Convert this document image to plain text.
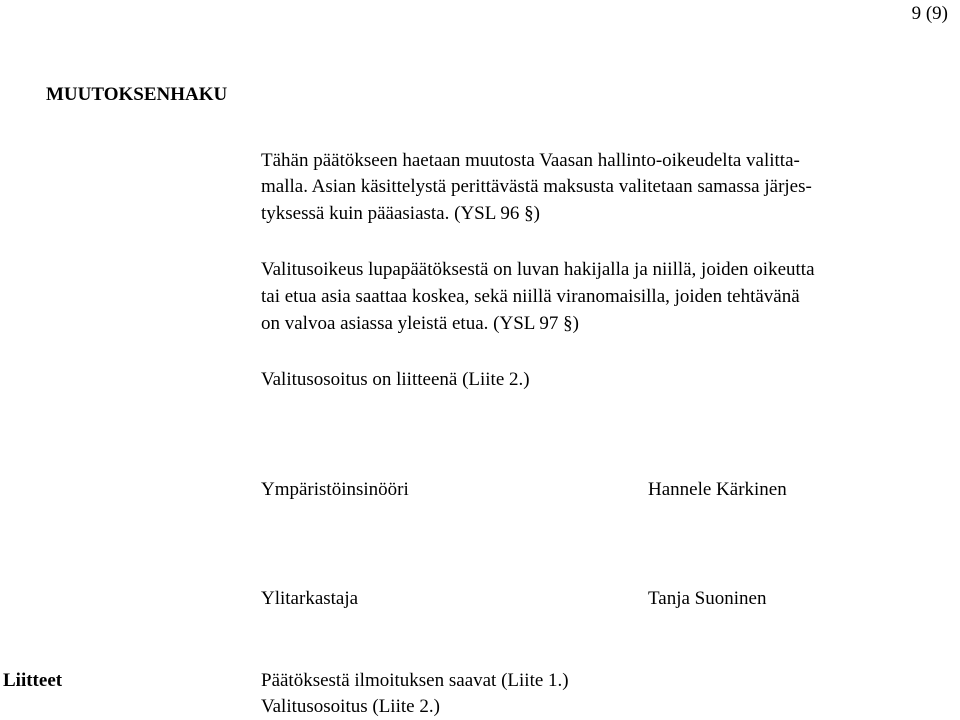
9 (9)
MUUTOKSENHAKU
Tähän päätökseen haetaan muutosta Vaasan hallinto-oikeudelta valitta-
malla. Asian käsittelystä perittävästä maksusta valitetaan samassa järjes-
tyksessä kuin pääasiasta. (YSL 96 §)
Valitusoikeus lupapäätöksestä on luvan hakijalla ja niillä, joiden oikeutta
tai etua asia saattaa koskea, sekä niillä viranomaisilla, joiden tehtävänä
on valvoa asiassa yleistä etua. (YSL 97 §)
Valitusosoitus on liitteenä (Liite 2.)
Ympäristöinsinööri	Hannele Kärkinen
Ylitarkastaja	Tanja Suoninen
Liitteet	Päätöksestä ilmoituksen saavat (Liite 1.)
Valitusosoitus (Liite 2.)
